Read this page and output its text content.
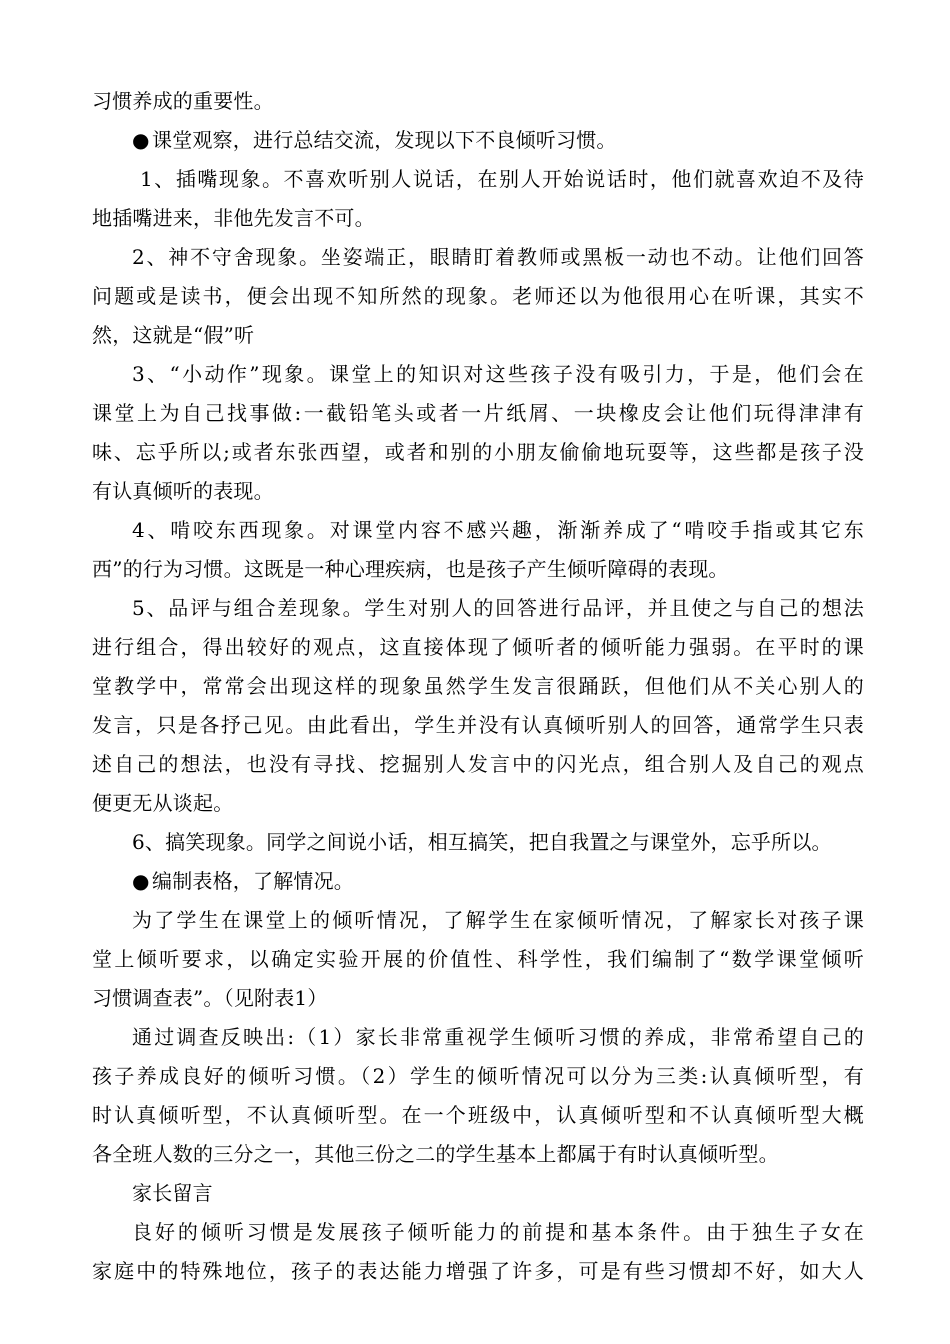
习惯养成的重要性。
● 课堂观察，进行总结交流，发现以下不良倾听习惯。
1、插嘴现象。不喜欢听别人说话，在别人开始说话时，他们就喜欢迫不及待
地插嘴进来，非他先发言不可。
2、神不守舍现象。坐姿端正，眼睛盯着教师或黑板一动也不动。让他们回答
问题或是读书，便会出现不知所然的现象。老师还以为他很用心在听课，其实不
然，这就是“假”听
3、“小动作”现象。课堂上的知识对这些孩子没有吸引力，于是，他们会在
课堂上为自己找事做:一截铅笔头或者一片纸屑、一块橡皮会让他们玩得津津有
味、忘乎所以;或者东张西望，或者和别的小朋友偷偷地玩耍等，这些都是孩子没
有认真倾听的表现。
4、啃咬东西现象。对课堂内容不感兴趣，渐渐养成了“啃咬手指或其它东
西”的行为习惯。这既是一种心理疾病，也是孩子产生倾听障碍的表现。
5、品评与组合差现象。学生对别人的回答进行品评，并且使之与自己的想法
进行组合，得出较好的观点，这直接体现了倾听者的倾听能力强弱。在平时的课
堂教学中，常常会出现这样的现象虽然学生发言很踊跃，但他们从不关心别人的
发言，只是各抒己见。由此看出，学生并没有认真倾听别人的回答，通常学生只表
述自己的想法，也没有寻找、挖掘别人发言中的闪光点，组合别人及自己的观点
便更无从谈起。
6、搞笑现象。同学之间说小话，相互搞笑，把自我置之与课堂外，忘乎所以。
● 编制表格，了解情况。
为了学生在课堂上的倾听情况，了解学生在家倾听情况，了解家长对孩子课
堂上倾听要求，以确定实验开展的价值性、科学性，我们编制了“数学课堂倾听
习惯调查表”。（见附表1）
通过调查反映出:（1）家长非常重视学生倾听习惯的养成，非常希望自己的
孩子养成良好的倾听习惯。（2）学生的倾听情况可以分为三类:认真倾听型，有
时认真倾听型，不认真倾听型。在一个班级中，认真倾听型和不认真倾听型大概
各全班人数的三分之一，其他三份之二的学生基本上都属于有时认真倾听型。
家长留言
良好的倾听习惯是发展孩子倾听能力的前提和基本条件。由于独生子女在
家庭中的特殊地位，孩子的表达能力增强了许多，可是有些习惯却不好，如大人
